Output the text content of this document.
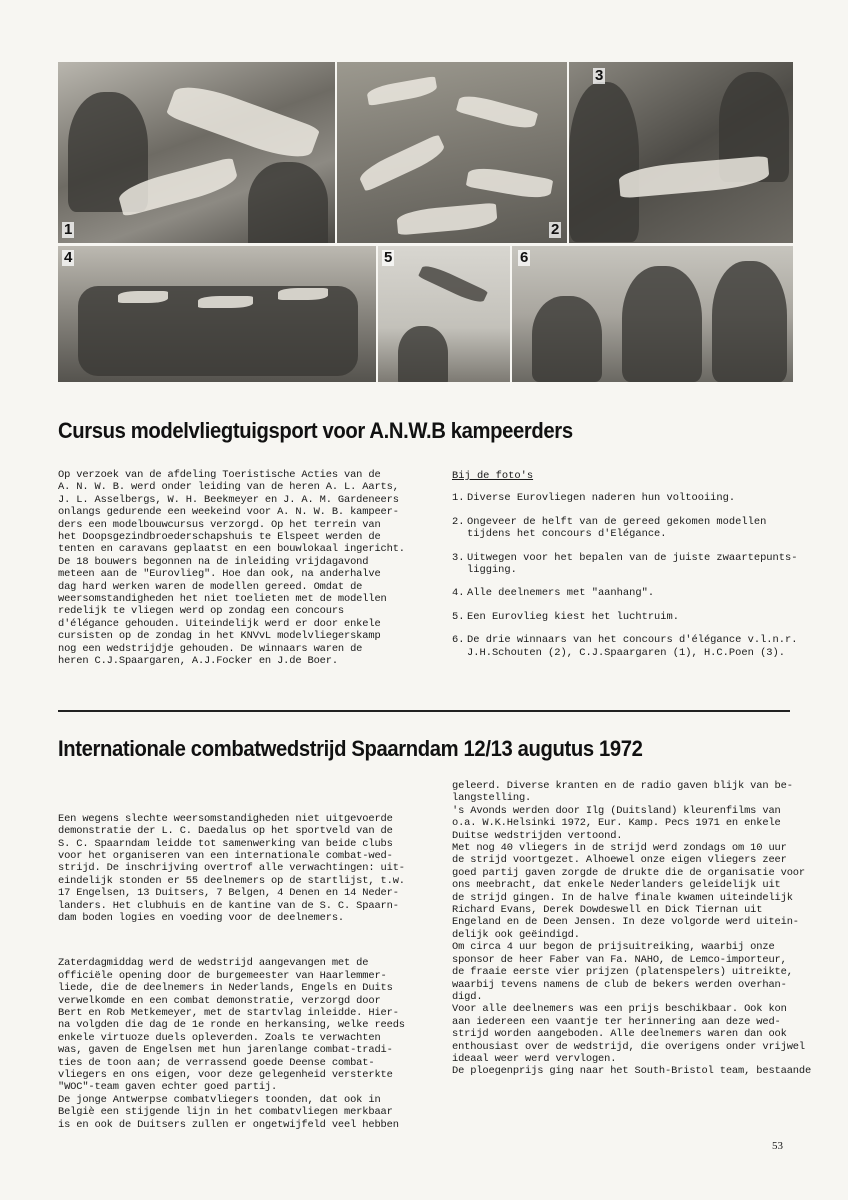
1	2
3
4	5	6
Cursus modelvliegtuigsport voor A.N.W.B kampeerders
Op verzoek van de afdeling Toeristische Acties van de
A. N. W. B. werd onder leiding van de heren A. L. Aarts,
J. L. Asselbergs, W. H. Beekmeyer en J. A. M. Gardeneers
onlangs gedurende een weekeind voor A. N. W. B. kampeer-
ders een modelbouwcursus verzorgd. Op het terrein van
het Doopsgezindbroederschapshuis te Elspeet werden de
tenten en caravans geplaatst en een bouwlokaal ingericht.
De 18 bouwers begonnen na de inleiding vrijdagavond
meteen aan de "Eurovlieg". Hoe dan ook, na anderhalve
dag hard werken waren de modellen gereed. Omdat de
weersomstandigheden het niet toelieten met de modellen
redelijk te vliegen werd op zondag een concours
d'élégance gehouden. Uiteindelijk werd er door enkele
cursisten op de zondag in het KNVvL modelvliegerskamp
nog een wedstrijdje gehouden. De winnaars waren de
heren C.J.Spaargaren, A.J.Focker en J.de Boer.
Bij de foto's
1. Diverse Eurovliegen naderen hun voltooiing.
2. Ongeveer de helft van de gereed gekomen modellen
tijdens het concours d'Elégance.
3. Uitwegen voor het bepalen van de juiste zwaartepunts-
ligging.
4. Alle deelnemers met "aanhang".
5. Een Eurovlieg kiest het luchtruim.
6. De drie winnaars van het concours d'élégance v.l.n.r.
J.H.Schouten (2), C.J.Spaargaren (1), H.C.Poen (3).
Internationale combatwedstrijd Spaarndam 12/13 augutus 1972

Een wegens slechte weersomstandigheden niet uitgevoerde
demonstratie der L. C. Daedalus op het sportveld van de
S. C. Spaarndam leidde tot samenwerking van beide clubs
voor het organiseren van een internationale combat-wed-
strijd. De inschrijving overtrof alle verwachtingen: uit-
eindelijk stonden er 55 deelnemers op de startlijst, t.w.
17 Engelsen, 13 Duitsers, 7 Belgen, 4 Denen en 14 Neder-
landers. Het clubhuis en de kantine van de S. C. Spaarn-
dam boden logies en voeding voor de deelnemers.

Zaterdagmiddag werd de wedstrijd aangevangen met de
officiële opening door de burgemeester van Haarlemmer-
liede, die de deelnemers in Nederlands, Engels en Duits
verwelkomde en een combat demonstratie, verzorgd door
Bert en Rob Metkemeyer, met de startvlag inleidde. Hier-
na volgden die dag de 1e ronde en herkansing, welke reeds
enkele virtuoze duels opleverden. Zoals te verwachten
was, gaven de Engelsen met hun jarenlange combat-tradi-
ties de toon aan; de verrassend goede Deense combat-
vliegers en ons eigen, voor deze gelegenheid versterkte
"WOC"-team gaven echter goed partij.
De jonge Antwerpse combatvliegers toonden, dat ook in
Belgiè een stijgende lijn in het combatvliegen merkbaar
is en ook de Duitsers zullen er ongetwijfeld veel hebben

geleerd. Diverse kranten en de radio gaven blijk van be-
langstelling.
's Avonds werden door Ilg (Duitsland) kleurenfilms van
o.a. W.K.Helsinki 1972, Eur. Kamp. Pecs 1971 en enkele
Duitse wedstrijden vertoond.
Met nog 40 vliegers in de strijd werd zondags om 10 uur
de strijd voortgezet. Alhoewel onze eigen vliegers zeer
goed partij gaven zorgde de drukte die de organisatie voor
ons meebracht, dat enkele Nederlanders geleidelijk uit
de strijd gingen. In de halve finale kwamen uiteindelijk
Richard Evans, Derek Dowdeswell en Dick Tiernan uit
Engeland en de Deen Jensen. In deze volgorde werd uitein-
delijk ook geëindigd.
Om circa 4 uur begon de prijsuitreiking, waarbij onze
sponsor de heer Faber van Fa. NAHO, de Lemco-importeur,
de fraaie eerste vier prijzen (platenspelers) uitreikte,
waarbij tevens namens de club de bekers werden overhan-
digd.
Voor alle deelnemers was een prijs beschikbaar. Ook kon
aan iedereen een vaantje ter herinnering aan deze wed-
strijd worden aangeboden. Alle deelnemers waren dan ook
enthousiast over de wedstrijd, die overigens onder vrijwel
ideaal weer werd vervlogen.
De ploegenprijs ging naar het South-Bristol team, bestaande
53
